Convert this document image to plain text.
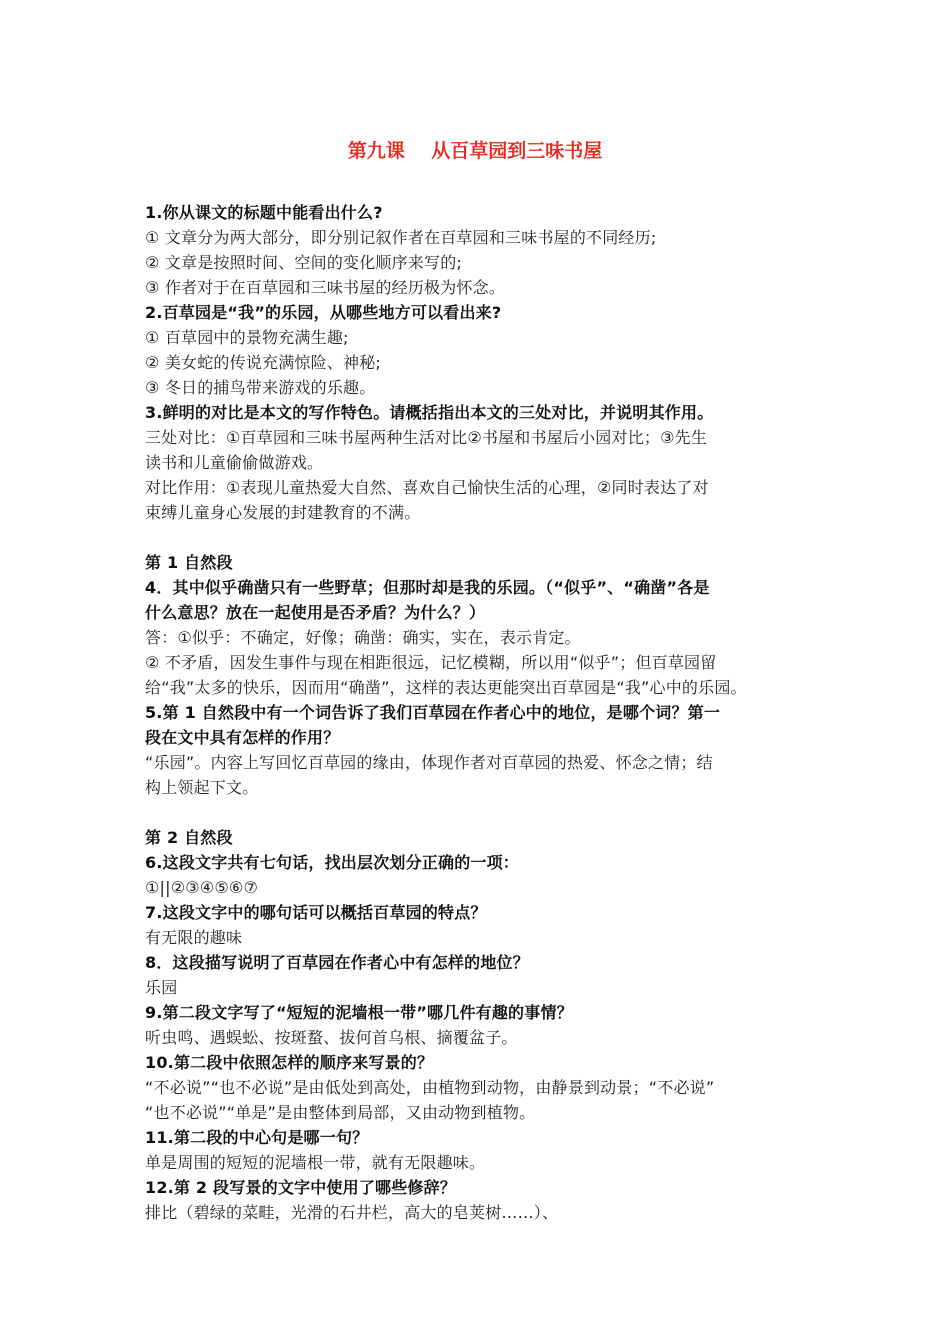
第九课    从百草园到三味书屋
1.你从课文的标题中能看出什么?
① 文章分为两大部分，即分别记叙作者在百草园和三味书屋的不同经历;
② 文章是按照时间、空间的变化顺序来写的;
③ 作者对于在百草园和三味书屋的经历极为怀念。
2.百草园是“我”的乐园，从哪些地方可以看出来?
① 百草园中的景物充满生趣;
② 美女蛇的传说充满惊险、神秘;
③ 冬日的捕鸟带来游戏的乐趣。
3.鲜明的对比是本文的写作特色。请概括指出本文的三处对比，并说明其作用。
三处对比：①百草园和三味书屋两种生活对比②书屋和书屋后小园对比；③先生
读书和儿童偷偷做游戏。
对比作用：①表现儿童热爱大自然、喜欢自己愉快生活的心理，②同时表达了对
束缚儿童身心发展的封建教育的不满。
第 1 自然段
4．其中似乎确凿只有一些野草；但那时却是我的乐园。（“似乎”、“确凿”各是
什么意思？放在一起使用是否矛盾？为什么？）
答：①似乎：不确定，好像；确凿：确实，实在，表示肯定。
② 不矛盾，因发生事件与现在相距很远，记忆模糊，所以用“似乎”；但百草园留
给“我”太多的快乐，因而用“确凿”，这样的表达更能突出百草园是“我”心中的乐园。
5.第 1 自然段中有一个词告诉了我们百草园在作者心中的地位，是哪个词？第一
段在文中具有怎样的作用？
“乐园”。内容上写回忆百草园的缘由，体现作者对百草园的热爱、怀念之情；结
构上领起下文。
第 2 自然段
6.这段文字共有七句话，找出层次划分正确的一项：
①||②③④⑤⑥⑦
7.这段文字中的哪句话可以概括百草园的特点？
有无限的趣味
8．这段描写说明了百草园在作者心中有怎样的地位？
乐园
9.第二段文字写了“短短的泥墙根一带”哪几件有趣的事情？
听虫鸣、遇蜈蚣、按斑蝥、拔何首乌根、摘覆盆子。
10.第二段中依照怎样的顺序来写景的？
“不必说”“也不必说”是由低处到高处，由植物到动物，由静景到动景；“不必说”
“也不必说”“单是”是由整体到局部，又由动物到植物。
11.第二段的中心句是哪一句？
单是周围的短短的泥墙根一带，就有无限趣味。
12.第 2 段写景的文字中使用了哪些修辞？
排比（碧绿的菜畦，光滑的石井栏，高大的皂荚树……）、
